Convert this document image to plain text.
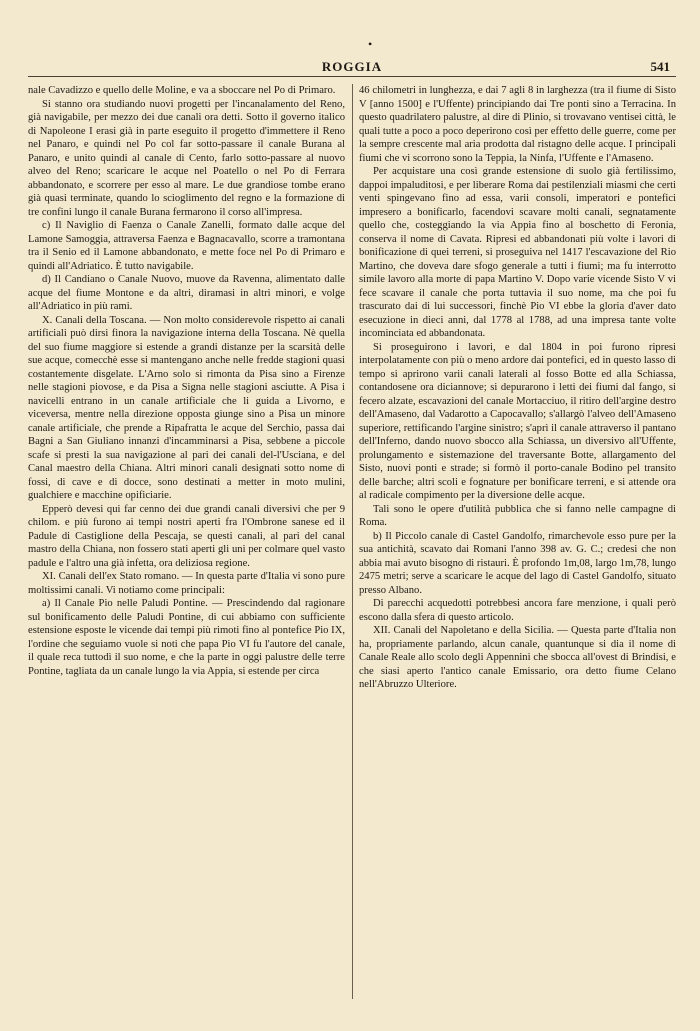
•
ROGGIA	541

nale Cavadizzo e quello delle Moline, e va a sboccare nel Po di Primaro.

Si stanno ora studiando nuovi progetti per l'incanalamento del Reno, già navigabile, per mezzo dei due canali ora detti. Sotto il governo italico di Napoleone I erasi già in parte eseguito il progetto d'immettere il Reno nel Panaro, e quindi nel Po col far sotto-passare il canale Burana al Panaro, e unito quindi al canale di Cento, farlo sotto-passare al nuovo alveo del Reno; scaricare le acque nel Poatello o nel Po di Ferrara abbandonato, e scorrere per esso al mare. Le due grandiose tombe erano già quasi terminate, quando lo scioglimento del regno e la formazione di tre confini lungo il canale Burana fermarono il corso all'impresa.

c) Il Naviglio di Faenza o Canale Zanelli, formato dalle acque del Lamone Samoggia, attraversa Faenza e Bagnacavallo, scorre a tramontana tra il Senio ed il Lamone abbandonato, e mette foce nel Po di Primaro e quindi all'Adriatico. È tutto navigabile.

d) Il Candiano o Canale Nuovo, muove da Ravenna, alimentato dalle acque del fiume Montone e da altri, diramasi in altri minori, e volge all'Adriatico in più rami.

X. Canali della Toscana. — Non molto considerevole rispetto ai canali artificiali può dirsi finora la navigazione interna della Toscana. Nè quella del suo fiume maggiore si estende a grandi distanze per la scarsità delle sue acque, comecchè esse si mantengano anche nelle fredde stagioni quasi costantemente disgelate. L'Arno solo si rimonta da Pisa sino a Firenze nelle stagioni piovose, e da Pisa a Signa nelle stagioni asciutte. A Pisa i navicelli entrano in un canale artificiale che li guida a Livorno, e viceversa, mentre nella direzione opposta giunge sino a Pisa un minore canale artificiale, che prende a Ripafratta le acque del Serchio, passa dai Bagni a San Giuliano innanzi d'incamminarsi a Pisa, sebbene a piccole scafe si presti la sua navigazione al pari dei canali del-l'Usciana, e del Canal maestro della Chiana. Altri minori canali designati sotto nome di fossi, di cave e di docce, sono destinati a metter in moto mulini, gualchiere e macchine opificiarie.

Epperò devesi qui far cenno dei due grandi canali diversivi che per 9 chilom. e più furono ai tempi nostri aperti fra l'Ombrone sanese ed il Padule di Castiglione della Pescaja, se questi canali, al pari del canal mastro della Chiana, non fossero stati aperti gli uni per colmare quel vasto padule e l'altro una già infetta, ora deliziosa regione.

XI. Canali dell'ex Stato romano. — In questa parte d'Italia vi sono pure moltissimi canali. Vi notiamo come principali:

a) Il Canale Pio nelle Paludi Pontine. — Prescindendo dal ragionare sul bonificamento delle Paludi Pontine, di cui abbiamo con sufficiente estensione esposte le vicende dai tempi più rimoti fino al pontefice Pio IX, l'ordine che seguiamo vuole si noti che papa Pio VI fu l'autore del canale, il quale reca tuttodì il suo nome, e che la parte in oggi palustre delle terre Pontine, tagliata da un canale lungo la via Appia, si estende per circa

46 chilometri in lunghezza, e dai 7 agli 8 in larghezza (tra il fiume di Sisto V [anno 1500] e l'Uffente) principiando dai Tre ponti sino a Terracina. In questo quadrilatero palustre, al dire di Plinio, si trovavano ventisei città, le quali tutte a poco a poco deperirono così per effetto delle guerre, come per la sempre crescente mal aria prodotta dal ristagno delle acque. I principali fiumi che vi scorrono sono la Teppia, la Ninfa, l'Uffente e l'Amaseno.

Per acquistare una così grande estensione di suolo già fertilissimo, dappoi impaluditosi, e per liberare Roma dai pestilenziali miasmi che certi venti spingevano fino ad essa, varii consoli, imperatori e pontefici impresero a bonificarlo, facendovi scavare molti canali, segnatamente quello che, costeggiando la via Appia fino al boschetto di Feronia, conserva il nome di Cavata. Ripresi ed abbandonati più volte i lavori di bonificazione di quei terreni, si proseguiva nel 1417 l'escavazione del Rio Martino, che doveva dare sfogo generale a tutti i fiumi; ma fu interrotto simile lavoro alla morte di papa Martino V. Dopo varie vicende Sisto V vi fece scavare il canale che porta tuttavia il suo nome, ma che poi fu trascurato dai di lui successori, finchè Pio VI ebbe la gloria d'aver dato esecuzione in dieci anni, dal 1778 al 1788, ad una impresa tante volte incominciata ed abbandonata.

Si proseguirono i lavori, e dal 1804 in poi furono ripresi interpolatamente con più o meno ardore dai pontefici, ed in questo lasso di tempo si aprirono varii canali laterali al fosso Botte ed alla Schiassa, contandosene ora diciannove; si depurarono i letti dei fiumi dal fango, si fecero alzate, escavazioni del canale Mortacciuo, il ritiro dell'argine destro dell'Amaseno, dal Vadarotto a Capocavallo; s'allargò l'alveo dell'Amaseno superiore, rettificando l'argine sinistro; s'aprì il canale attraverso il pantano dell'Inferno, dando nuovo sbocco alla Schiassa, un diversivo all'Uffente, prolungamento e sistemazione del traversante Botte, allargamento del Sisto, nuovi ponti e strade; si formò il porto-canale Bodino pel transito delle barche; altri scoli e fognature per bonificare terreni, e si attende ora al radicale compimento per la diversione delle acque.

Tali sono le opere d'utilità pubblica che si fanno nelle campagne di Roma.

b) Il Piccolo canale di Castel Gandolfo, rimarchevole esso pure per la sua antichità, scavato dai Romani l'anno 398 av. G. C.; credesi che non abbia mai avuto bisogno di ristauri. È profondo 1m,08, largo 1m,78, lungo 2475 metri; serve a scaricare le acque del lago di Castel Gandolfo, situato presso Albano.

Di parecchi acquedotti potrebbesi ancora fare menzione, i quali però escono dalla sfera di questo articolo.

XII. Canali del Napoletano e della Sicilia. — Questa parte d'Italia non ha, propriamente parlando, alcun canale, quantunque si dia il nome di Canale Reale allo scolo degli Appennini che sbocca all'ovest di Brindisi, e che siasi aperto l'antico canale Emissario, ora detto fiume Celano nell'Abruzzo Ulteriore.
